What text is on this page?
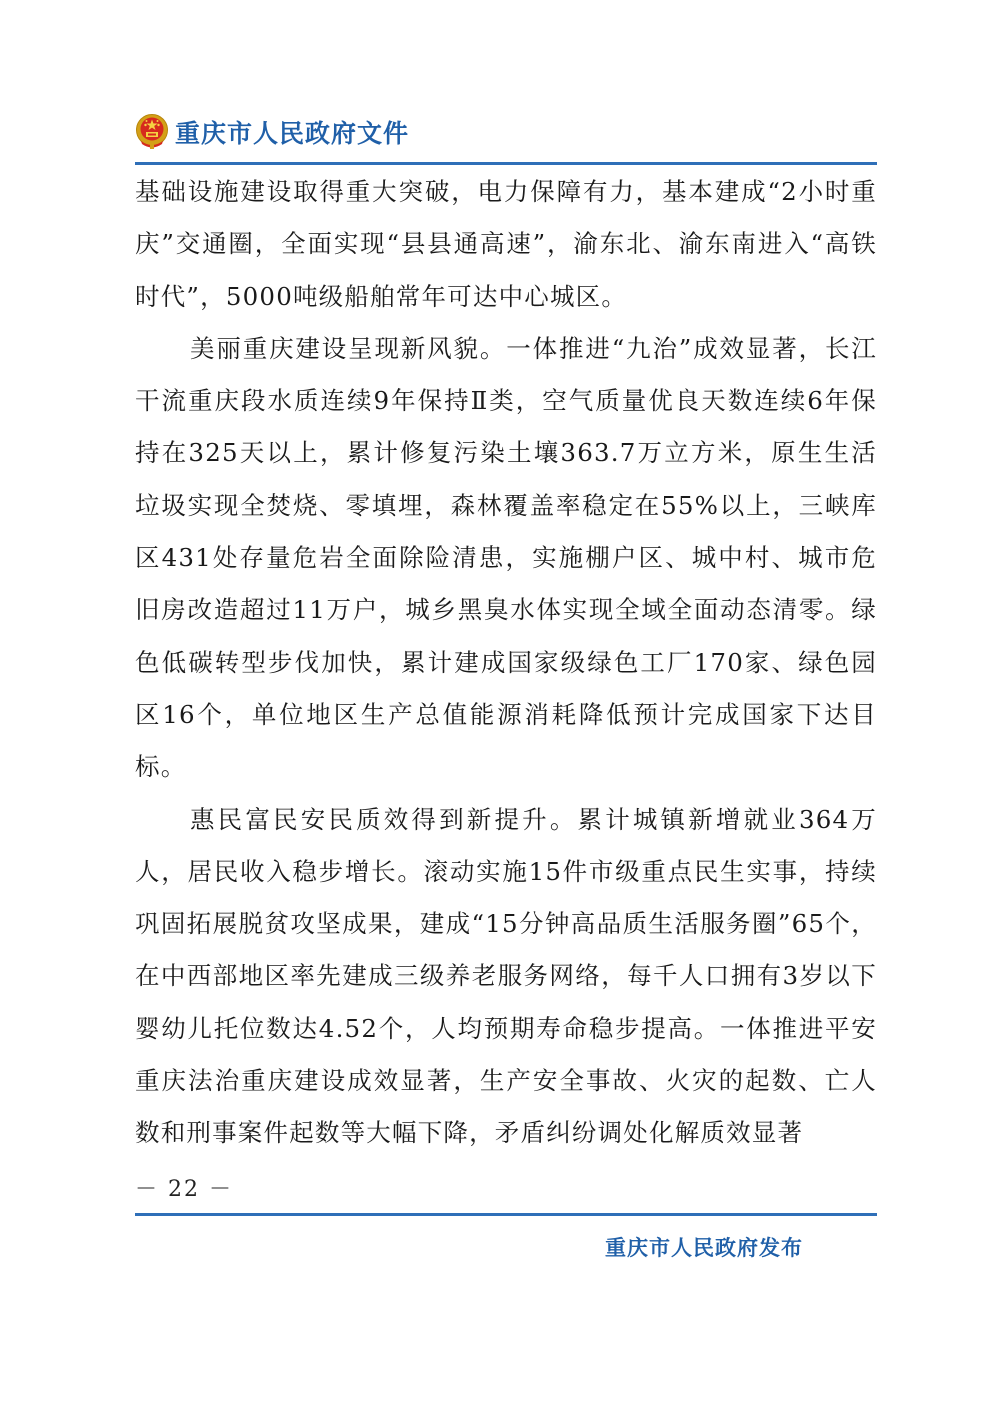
重庆市人民政府文件

基础设施建设取得重大突破，电力保障有力，基本建成“2小时重庆”交通圈，全面实现“县县通高速”，渝东北、渝东南进入“高铁时代”，5000吨级船舶常年可达中心城区。

美丽重庆建设呈现新风貌。一体推进“九治”成效显著，长江干流重庆段水质连续9年保持Ⅱ类，空气质量优良天数连续6年保持在325天以上，累计修复污染土壤363.7万立方米，原生生活垃圾实现全焚烧、零填埋，森林覆盖率稳定在55%以上，三峡库区431处存量危岩全面除险清患，实施棚户区、城中村、城市危旧房改造超过11万户，城乡黑臭水体实现全域全面动态清零。绿色低碳转型步伐加快，累计建成国家级绿色工厂170家、绿色园区16个，单位地区生产总值能源消耗降低预计完成国家下达目标。

惠民富民安民质效得到新提升。累计城镇新增就业364万人，居民收入稳步增长。滚动实施15件市级重点民生实事，持续巩固拓展脱贫攻坚成果，建成“15分钟高品质生活服务圈”65个，在中西部地区率先建成三级养老服务网络，每千人口拥有3岁以下婴幼儿托位数达4.52个，人均预期寿命稳步提高。一体推进平安重庆法治重庆建设成效显著，生产安全事故、火灾的起数、亡人数和刑事案件起数等大幅下降，矛盾纠纷调处化解质效显著

－ 22 －
重庆市人民政府发布
